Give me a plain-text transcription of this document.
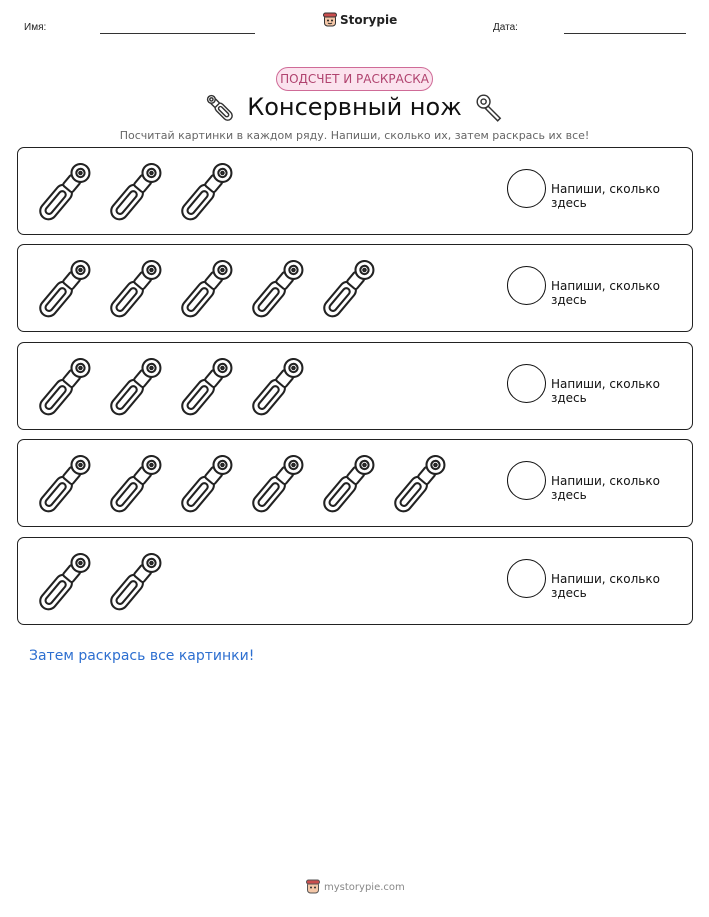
Имя:
Storypie
Дата:
ПОДСЧЕТ И РАСКРАСКА
Консервный нож
Посчитай картинки в каждом ряду. Напиши, сколько их, затем раскрась их все!
Напиши, сколько здесь
Напиши, сколько здесь
Напиши, сколько здесь
Напиши, сколько здесь
Напиши, сколько здесь
Затем раскрась все картинки!
mystorypie.com
